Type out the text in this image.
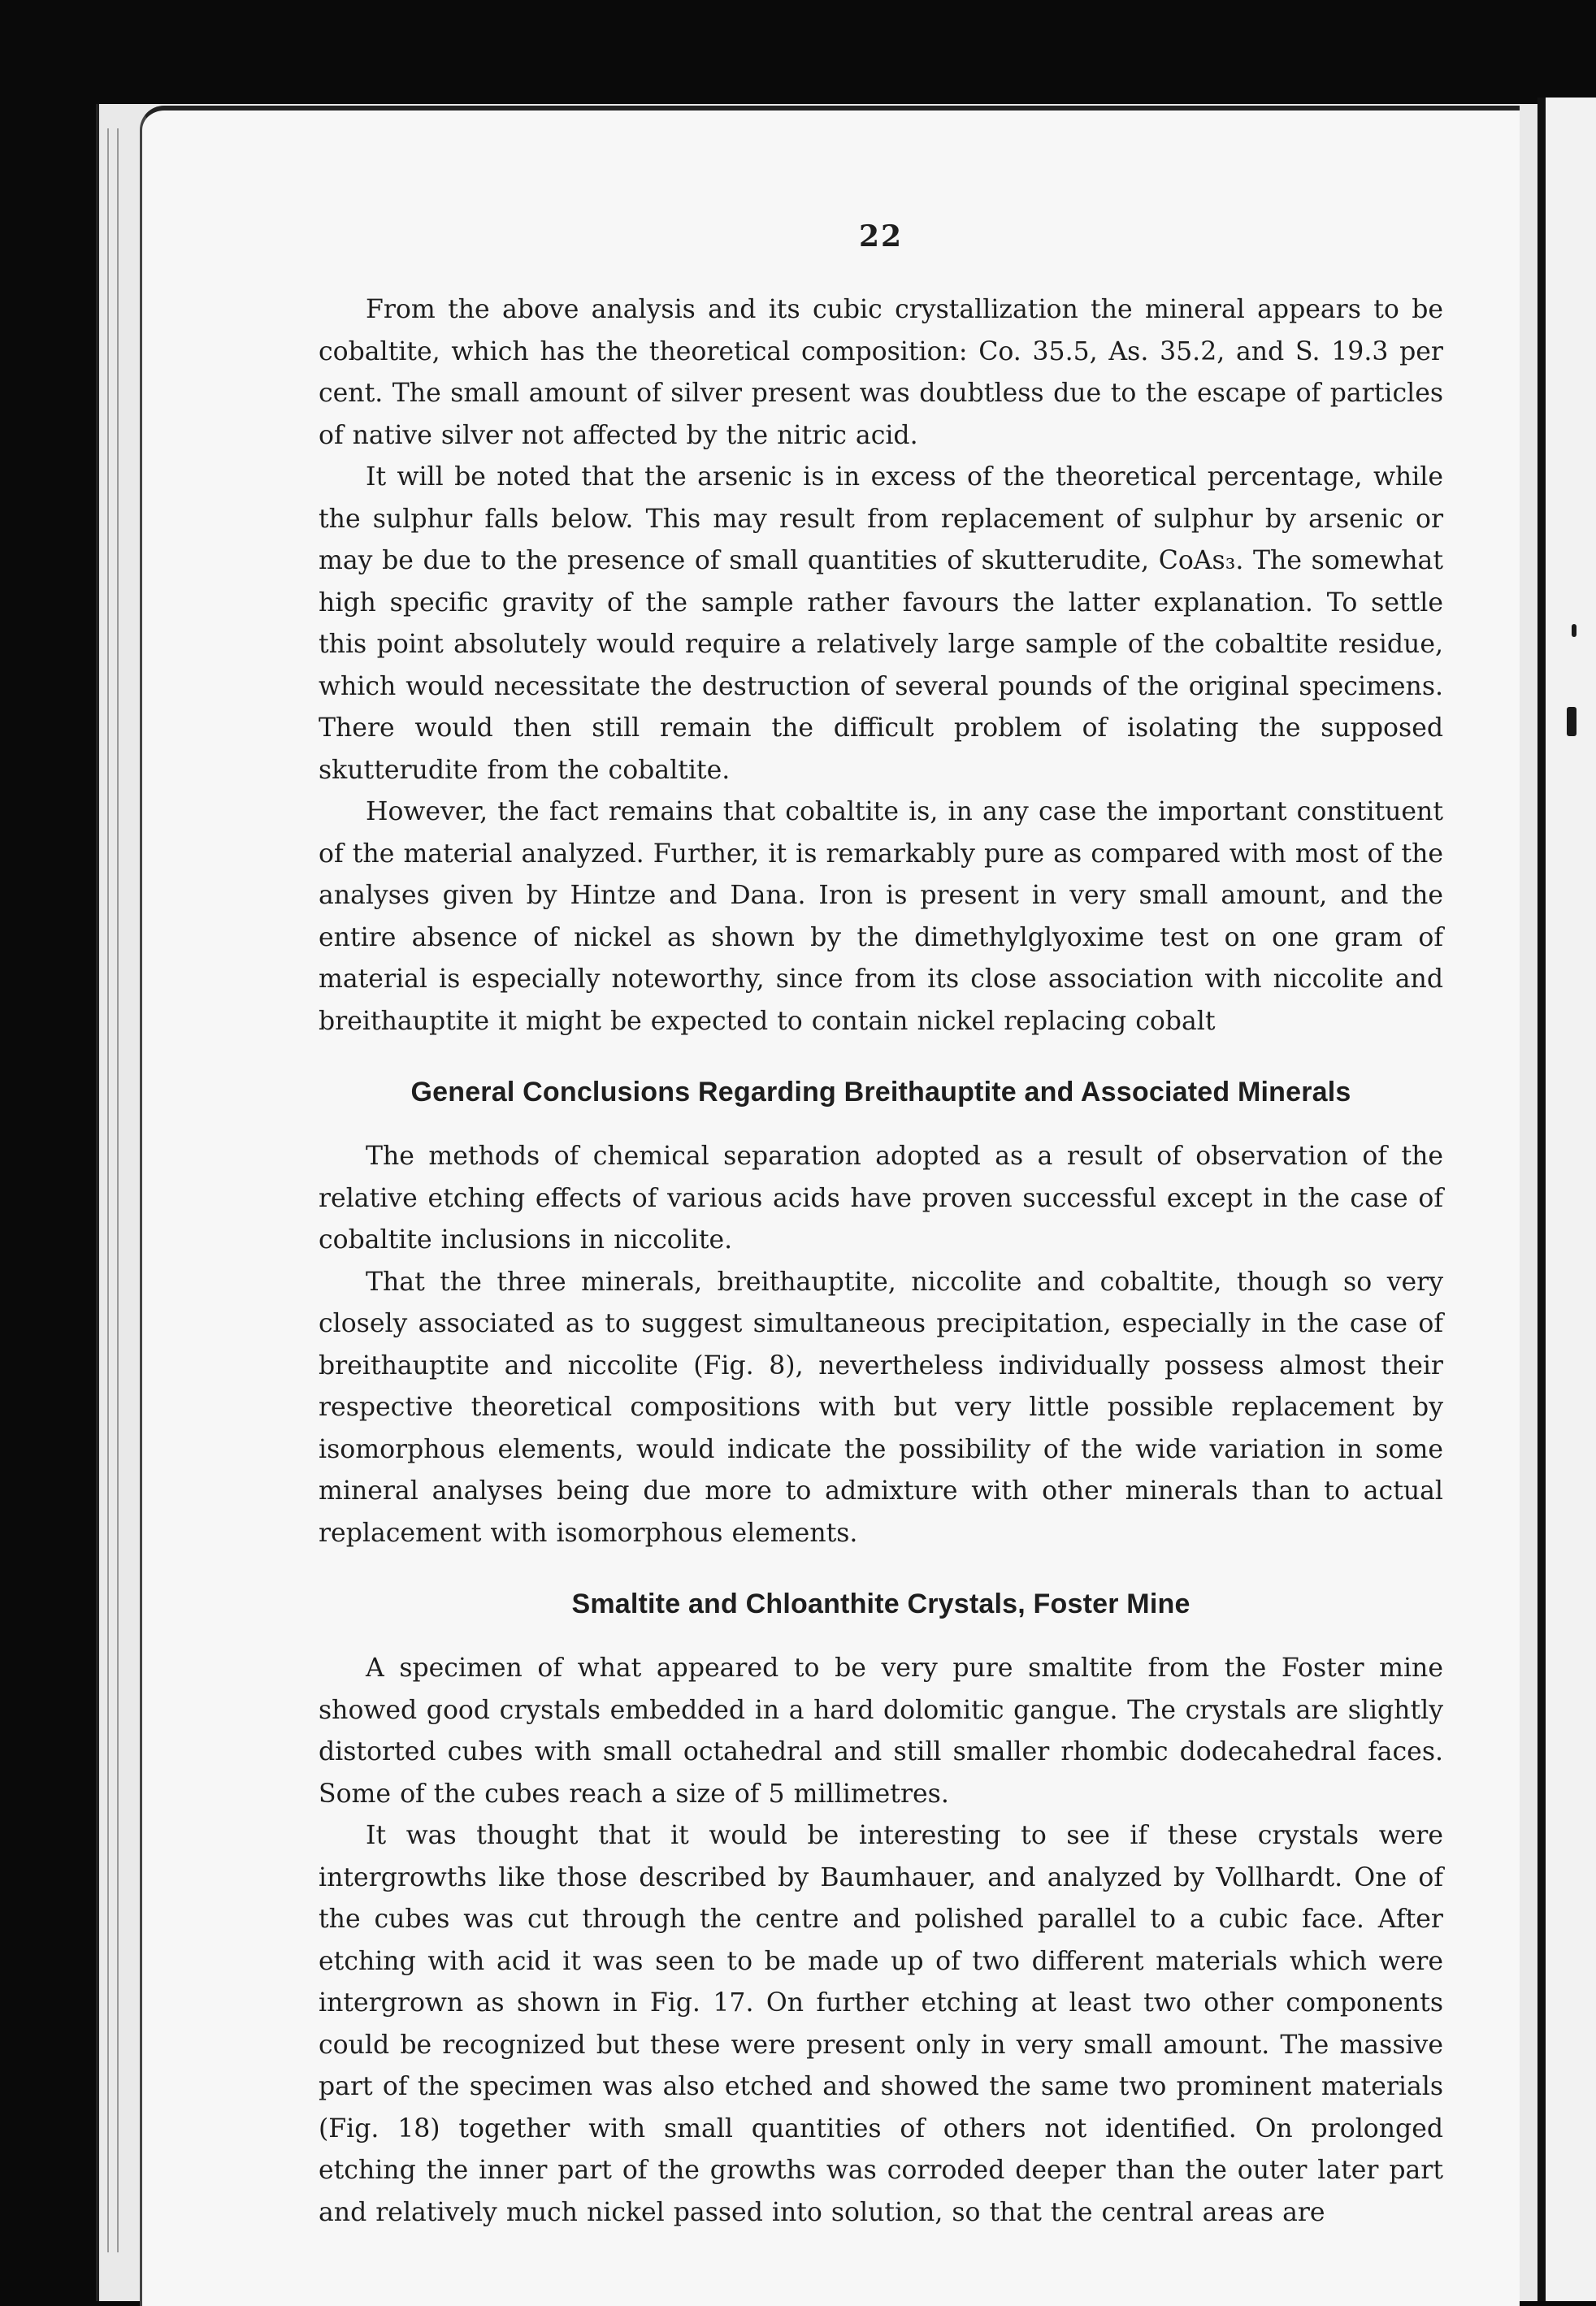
22

From the above analysis and its cubic crystallization the mineral appears to be cobaltite, which has the theoretical composition: Co. 35.5, As. 35.2, and S. 19.3 per cent. The small amount of silver present was doubtless due to the escape of particles of native silver not affected by the nitric acid.

It will be noted that the arsenic is in excess of the theoretical percentage, while the sulphur falls below. This may result from replacement of sulphur by arsenic or may be due to the presence of small quantities of skutterudite, CoAs₃. The somewhat high specific gravity of the sample rather favours the latter explanation. To settle this point absolutely would require a relatively large sample of the cobaltite residue, which would necessitate the destruction of several pounds of the original specimens. There would then still remain the difficult problem of isolating the supposed skutterudite from the cobaltite.

However, the fact remains that cobaltite is, in any case the important constituent of the material analyzed. Further, it is remarkably pure as compared with most of the analyses given by Hintze and Dana. Iron is present in very small amount, and the entire absence of nickel as shown by the dimethylglyoxime test on one gram of material is especially noteworthy, since from its close association with niccolite and breithauptite it might be expected to contain nickel replacing cobalt

General Conclusions Regarding Breithauptite and Associated Minerals

The methods of chemical separation adopted as a result of observation of the relative etching effects of various acids have proven successful except in the case of cobaltite inclusions in niccolite.

That the three minerals, breithauptite, niccolite and cobaltite, though so very closely associated as to suggest simultaneous precipitation, especially in the case of breithauptite and niccolite (Fig. 8), nevertheless individually possess almost their respective theoretical compositions with but very little possible replacement by isomorphous elements, would indicate the possibility of the wide variation in some mineral analyses being due more to admixture with other minerals than to actual replacement with isomorphous elements.

Smaltite and Chloanthite Crystals, Foster Mine

A specimen of what appeared to be very pure smaltite from the Foster mine showed good crystals embedded in a hard dolomitic gangue. The crystals are slightly distorted cubes with small octahedral and still smaller rhombic dodecahedral faces. Some of the cubes reach a size of 5 millimetres.

It was thought that it would be interesting to see if these crystals were intergrowths like those described by Baumhauer, and analyzed by Vollhardt. One of the cubes was cut through the centre and polished parallel to a cubic face. After etching with acid it was seen to be made up of two different materials which were intergrown as shown in Fig. 17. On further etching at least two other components could be recognized but these were present only in very small amount. The massive part of the specimen was also etched and showed the same two prominent materials (Fig. 18) together with small quantities of others not identified. On prolonged etching the inner part of the growths was corroded deeper than the outer later part and relatively much nickel passed into solution, so that the central areas are
